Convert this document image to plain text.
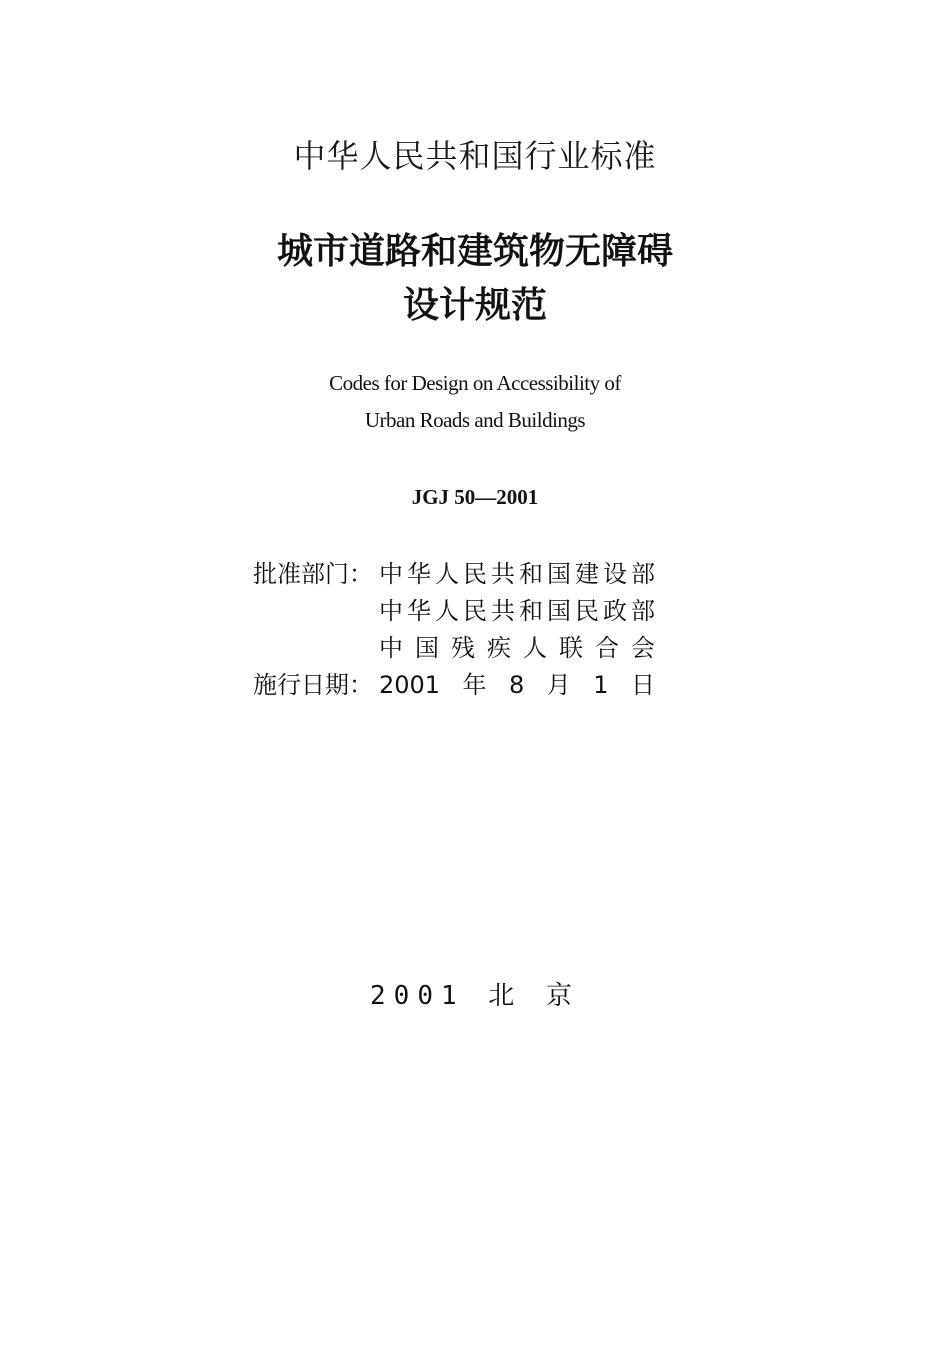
中华人民共和国行业标准
城市道路和建筑物无障碍
设计规范
Codes for Design on Accessibility of
Urban Roads and Buildings
JGJ 50—2001
批准部门： 中华人民共和国建设部
中华人民共和国民政部
中国残疾人联合会
施行日期： 2001年8月1日
2001 北 京
